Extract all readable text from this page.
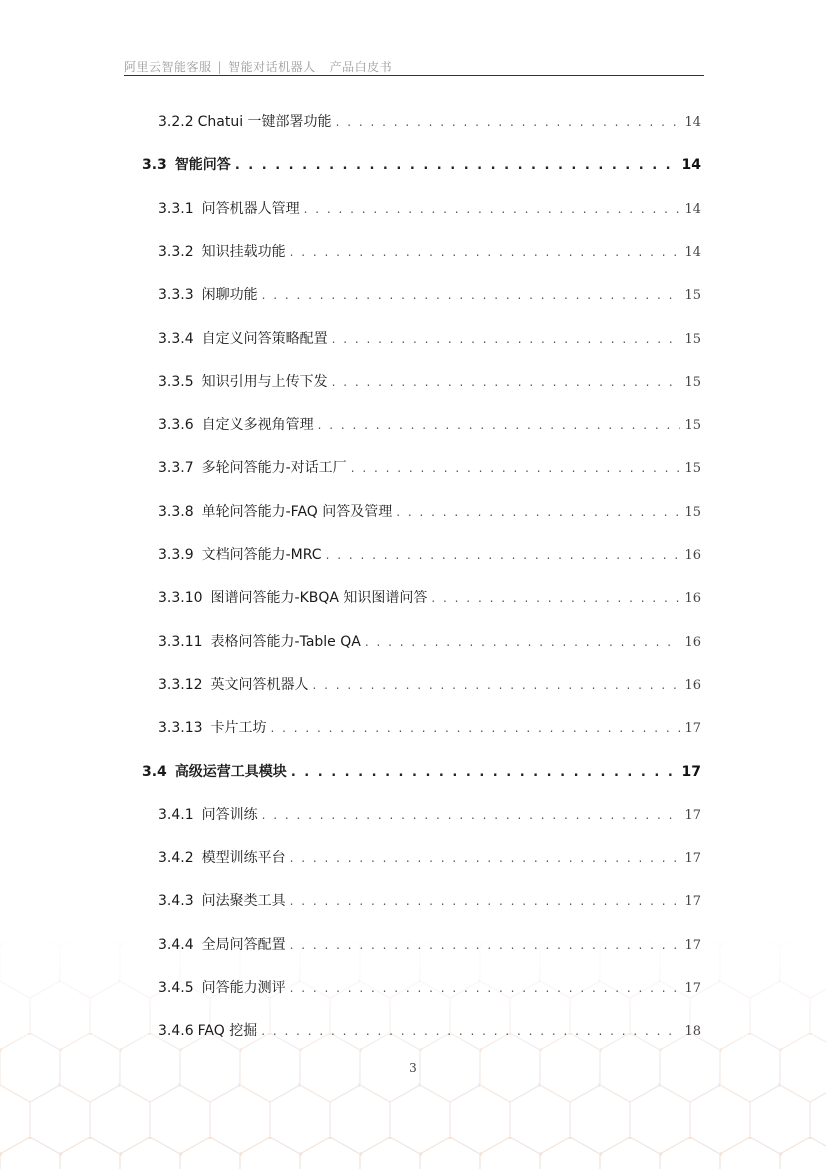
阿里云智能客服 | 智能对话机器人 产品白皮书
3.2.2 Chatui 一键部署功能 . . .	14
3.3 智能问答 . . .	14
3.3.1 问答机器人管理 . . .	14
3.3.2 知识挂载功能 . . .	14
3.3.3 闲聊功能 . . .	15
3.3.4 自定义问答策略配置 . . .	15
3.3.5 知识引用与上传下发 . . .	15
3.3.6 自定义多视角管理 . . .	15
3.3.7 多轮问答能力-对话工厂 . . .	15
3.3.8 单轮问答能力-FAQ 问答及管理 . . .	15
3.3.9 文档问答能力-MRC . . .	16
3.3.10 图谱问答能力-KBQA 知识图谱问答 . . .	16
3.3.11 表格问答能力-Table QA . . .	16
3.3.12 英文问答机器人 . . .	16
3.3.13 卡片工坊 . . .	17
3.4 高级运营工具模块 . . .	17
3.4.1 问答训练 . . .	17
3.4.2 模型训练平台 . . .	17
3.4.3 问法聚类工具 . . .	17
3.4.4 全局问答配置 . . .	17
3.4.5 问答能力测评 . . .	17
3.4.6 FAQ 挖掘 . . .	18
3
